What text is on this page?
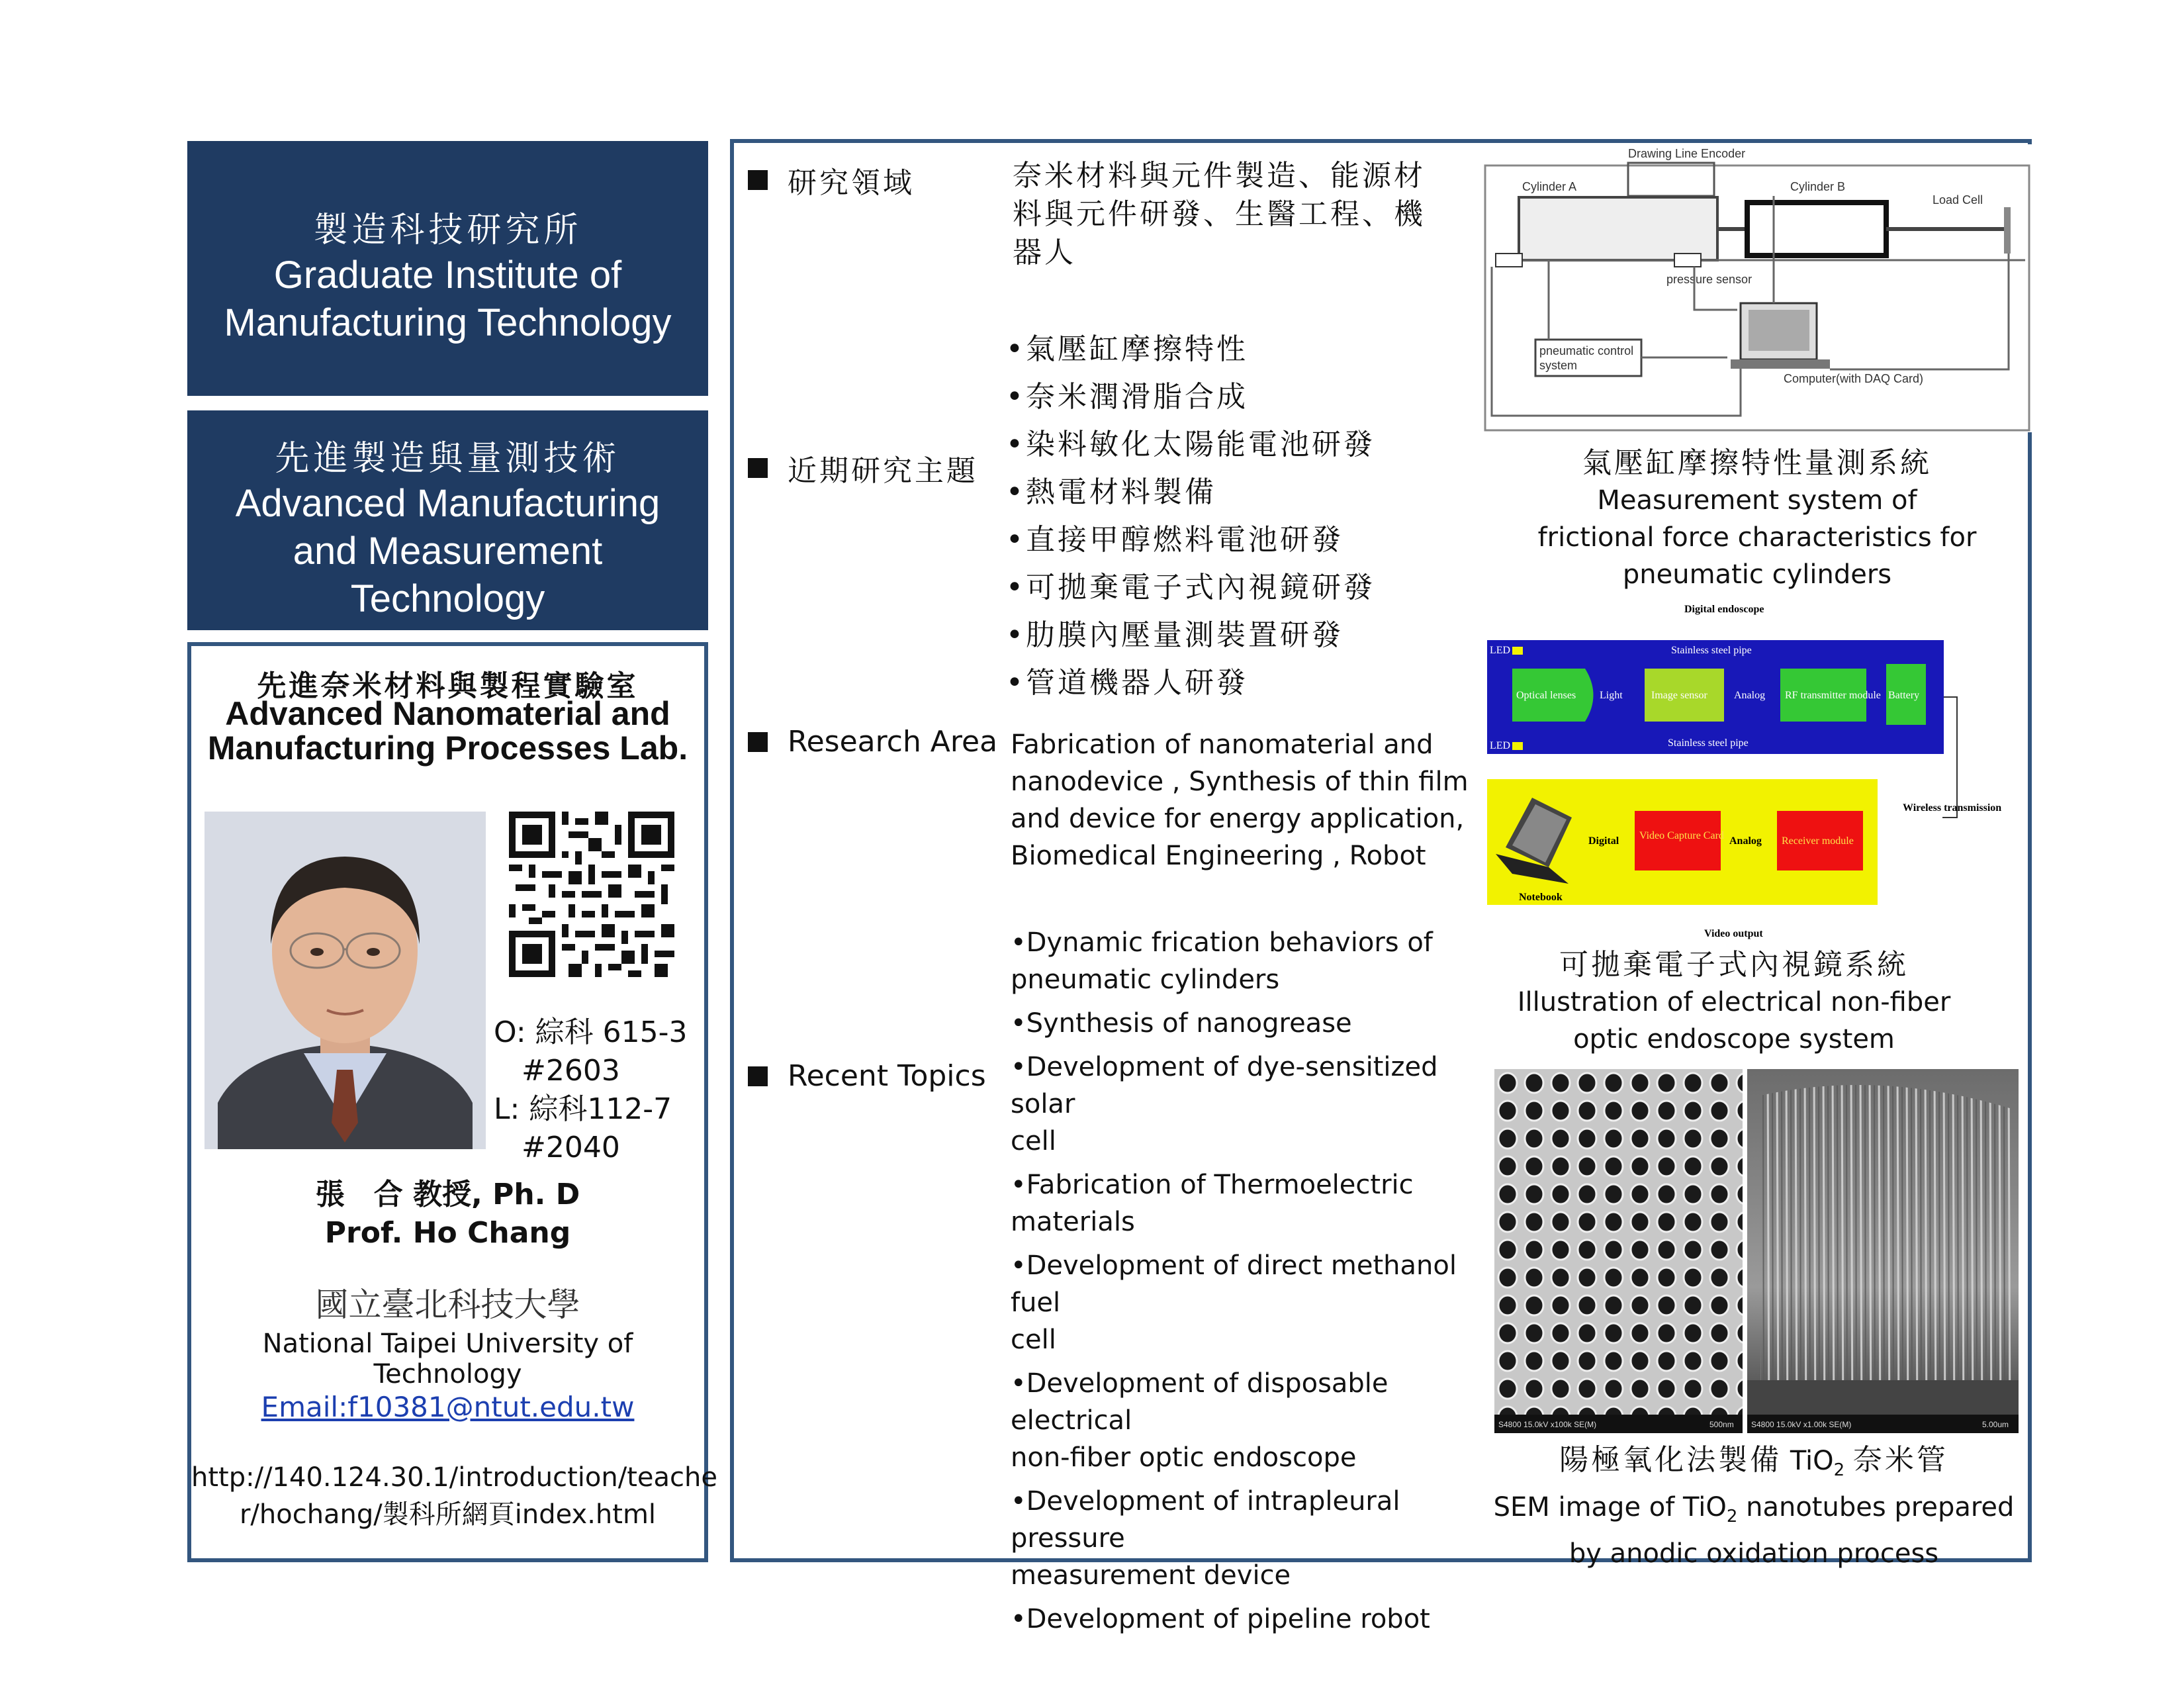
製造科技研究所
Graduate Institute of
Manufacturing Technology
先進製造與量測技術
Advanced Manufacturing
and Measurement
Technology
先進奈米材料與製程實驗室
Advanced Nanomaterial and
Manufacturing Processes Lab.
O: 綜科 615-3
#2603
L: 綜科112-7
#2040
張　合 教授, Ph. D
Prof. Ho Chang
國立臺北科技大學
National Taipei University of Technology
Email:f10381@ntut.edu.tw
http://140.124.30.1/introduction/teache
r/hochang/製科所網頁index.html
研究領域	奈米材料與元件製造、能源材
料與元件研發、生醫工程、機
器人
近期研究主題
•氣壓缸摩擦特性
•奈米潤滑脂合成
•染料敏化太陽能電池研發
•熱電材料製備
•直接甲醇燃料電池研發
•可拋棄電子式內視鏡研發
•肋膜內壓量測裝置研發
•管道機器人研發
Research Area Fabrication of nanomaterial and
nanodevice , Synthesis of thin film
and device for energy application,
Biomedical Engineering , Robot
Recent Topics
•Dynamic frication behaviors of
pneumatic cylinders
•Synthesis of nanogrease
•Development of dye-sensitized solar
cell
•Fabrication of Thermoelectric
materials
•Development of direct methanol fuel
cell
•Development of disposable electrical
non-fiber optic endoscope
•Development of intrapleural pressure
measurement device
•Development of pipeline robot
Drawing Line Encoder
Cylinder A	Cylinder B
Load Cell
pressure sensor
pneumatic control
system
Computer(with DAQ Card)
氣壓缸摩擦特性量測系統
Measurement system of
frictional force characteristics for
pneumatic cylinders
Digital endoscope
LED
LED
Stainless steel pipe
Stainless steel pipe
Optical lenses Light	Image sensor	Analog RF transmitter module Battery
Wireless transmission
Notebook
Digital Video Capture Card Analog Receiver module
Video output
可拋棄電子式內視鏡系統
Illustration of electrical non-fiber
optic endoscope system
S4800 15.0kV x100k SE(M)	500nm S4800 15.0kV x1.00k SE(M)	5.00um
陽極氧化法製備 TiO$_2$ 奈米管
SEM image of TiO$_2$ nanotubes prepared
by anodic oxidation process
